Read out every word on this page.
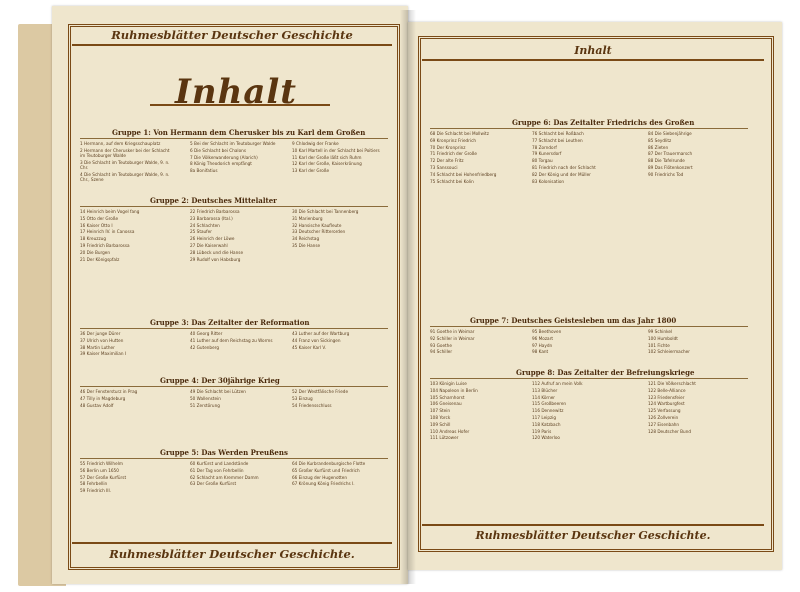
Ruhmesblätter Deutscher Geschichte
Ruhmesblätter Deutscher Geschichte.
Inhalt
Ruhmesblätter Deutscher Geschichte.
Inhalt
Gruppe 1: Von Hermann dem Cherusker bis zu Karl dem Großen
1 Hermann, auf dem Kriegsschauplatz
2 Hermann der Cherusker bei der Schlacht im Teutoburger Walde
3 Die Schlacht im Teutoburger Walde, 9. n. Chr.
4 Die Schlacht im Teutoburger Walde, 9. n. Chr., Szene
5 Bei der Schlacht im Teutoburger Walde
6 Die Schlacht bei Chalons
7 Die Völkerwanderung (Alarich)
8 König Theodorich empfängt
8a Bonifatius
9 Chlodwig der Franke
10 Karl Martell in der Schlacht bei Poitiers
11 Karl der Große läßt sich Ruhm
12 Karl der Große, Kaiserkrönung
13 Karl der Große
Gruppe 2: Deutsches Mittelalter
14 Heinrich beim Vogel fang
15 Otto der Große
16 Kaiser Otto I
17 Heinrich IV. in Canossa
18 Kreuzzug
19 Friedrich Barbarossa
20 Die Burgen
21 Der Königspfalz
22 Friedrich Barbarossa
23 Barbarossa (Ital.)
24 Schlachten
25 Staufer
26 Heinrich der Löwe
27 Die Kaiserwahl
28 Lübeck und die Hanse
29 Rudolf von Habsburg
30 Die Schlacht bei Tannenberg
31 Marienburg
32 Hansische Kaufleute
33 Deutscher Ritterorden
34 Reichstag
35 Die Hanse
Gruppe 3: Das Zeitalter der Reformation
36 Der junge Dürer
37 Ulrich von Hutten
38 Martin Luther
39 Kaiser Maximilian I
40 Georg Ritter
41 Luther auf dem Reichstag zu Worms
42 Gutenberg
43 Luther auf der Wartburg
44 Franz von Sickingen
45 Kaiser Karl V.
Gruppe 4: Der 30jährige Krieg
46 Der Fenstersturz in Prag
47 Tilly in Magdeburg
48 Gustav Adolf
49 Die Schlacht bei Lützen
50 Wallenstein
51 Zerstörung
52 Der Westfälische Friede
53 Einzug
54 Friedensschluss
Gruppe 5: Das Werden Preußens
55 Friedrich Wilhelm
56 Berlin um 1650
57 Der Große Kurfürst
58 Fehrbellin
59 Friedrich III.
60 Kurfürst und Landstände
61 Der Tag von Fehrbellin
62 Schlacht am Kremmer Damm
63 Der Große Kurfürst
64 Die Kurbrandenburgische Flotte
65 Großer Kurfürst und Friedrich
66 Einzug der Hugenotten
67 Krönung König Friedrichs I.
Gruppe 6: Das Zeitalter Friedrichs des Großen
68 Die Schlacht bei Mollwitz
69 Kronprinz Friedrich
70 Der Kronprinz
71 Friedrich der Große
72 Der alte Fritz
73 Sanssouci
74 Schlacht bei Hohenfriedberg
75 Schlacht bei Kolin
76 Schlacht bei Roßbach
77 Schlacht bei Leuthen
78 Zorndorf
79 Kunersdorf
80 Torgau
81 Friedrich nach der Schlacht
82 Der König und der Müller
83 Kolonisation
84 Die Siebenjährige
85 Seydlitz
86 Zieten
87 Der Trauermarsch
88 Die Tafelrunde
89 Das Flötenkonzert
90 Friedrichs Tod
Gruppe 7: Deutsches Geistesleben um das Jahr 1800
91 Goethe in Weimar
92 Schiller in Weimar
93 Goethe
94 Schiller
95 Beethoven
96 Mozart
97 Haydn
98 Kant
99 Schinkel
100 Humboldt
101 Fichte
102 Schleiermacher
Gruppe 8: Das Zeitalter der Befreiungskriege
103 Königin Luise
104 Napoleon in Berlin
105 Scharnhorst
106 Gneisenau
107 Stein
108 Yorck
109 Schill
110 Andreas Hofer
111 Lützower
112 Aufruf an mein Volk
113 Blücher
114 Körner
115 Großbeeren
116 Dennewitz
117 Leipzig
118 Katzbach
119 Paris
120 Waterloo
121 Die Völkerschlacht
122 Belle-Alliance
123 Friedensfeier
124 Wartburgfest
125 Verfassung
126 Zollverein
127 Eisenbahn
128 Deutscher Bund
